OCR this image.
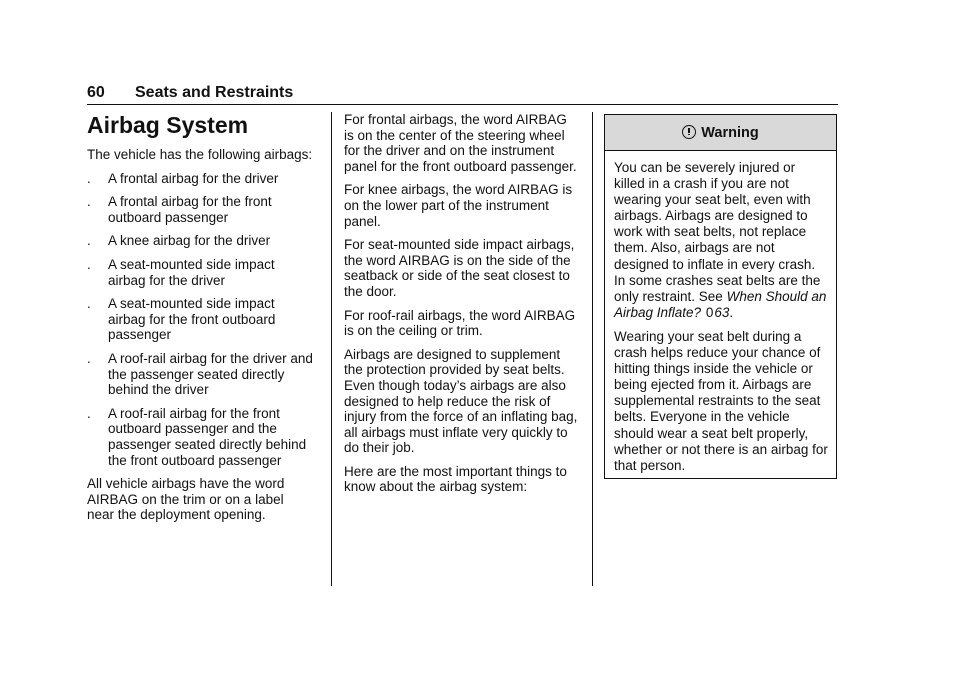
60 Seats and Restraints
Airbag System

The vehicle has the following airbags:

. A frontal airbag for the driver
. A frontal airbag for the front outboard passenger
. A knee airbag for the driver
. A seat-mounted side impact airbag for the driver
. A seat-mounted side impact airbag for the front outboard passenger
. A roof-rail airbag for the driver and the passenger seated directly behind the driver
. A roof-rail airbag for the front outboard passenger and the passenger seated directly behind the front outboard passenger

All vehicle airbags have the word AIRBAG on the trim or on a label near the deployment opening.

For frontal airbags, the word AIRBAG is on the center of the steering wheel for the driver and on the instrument panel for the front outboard passenger.

For knee airbags, the word AIRBAG is on the lower part of the instrument panel.

For seat-mounted side impact airbags, the word AIRBAG is on the side of the seatback or side of the seat closest to the door.

For roof-rail airbags, the word AIRBAG is on the ceiling or trim.

Airbags are designed to supplement the protection provided by seat belts. Even though today’s airbags are also designed to help reduce the risk of injury from the force of an inflating bag, all airbags must inflate very quickly to do their job.

Here are the most important things to know about the airbag system:

Warning

You can be severely injured or killed in a crash if you are not wearing your seat belt, even with airbags. Airbags are designed to work with seat belts, not replace them. Also, airbags are not designed to inflate in every crash. In some crashes seat belts are the only restraint. See When Should an Airbag Inflate? 063.

Wearing your seat belt during a crash helps reduce your chance of hitting things inside the vehicle or being ejected from it. Airbags are supplemental restraints to the seat belts. Everyone in the vehicle should wear a seat belt properly, whether or not there is an airbag for that person.
